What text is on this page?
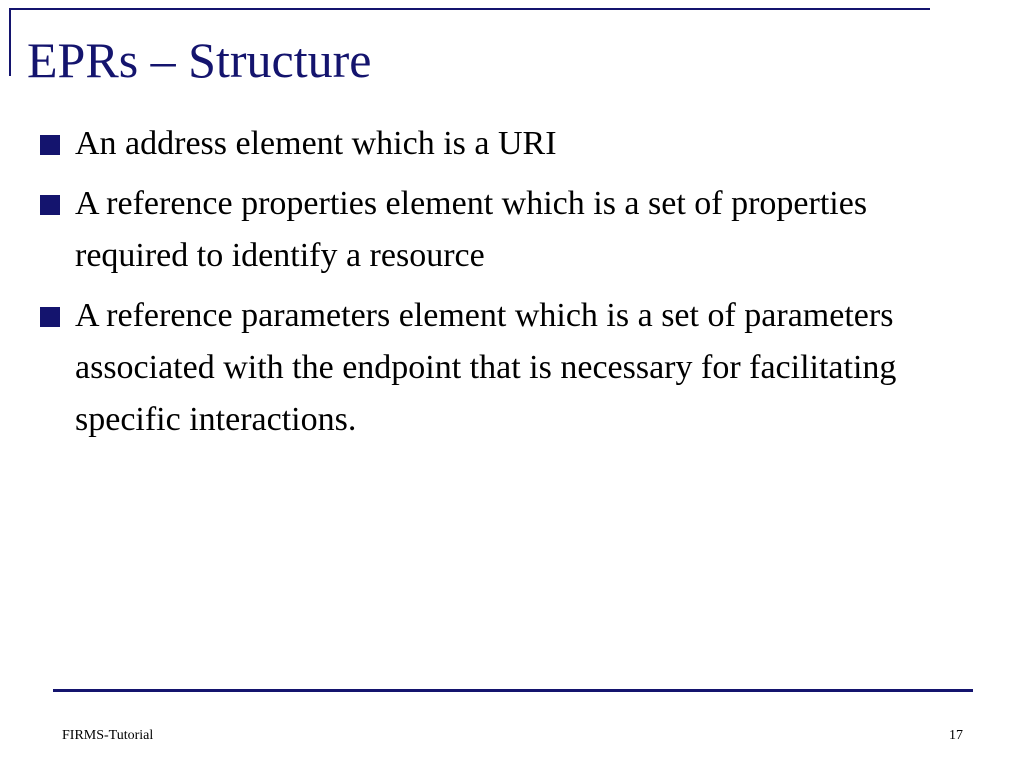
EPRs – Structure
An address element which is a URI
A reference properties element which is a set of properties required to identify a resource
A reference parameters element which is a set of parameters associated with the endpoint that is necessary for facilitating specific interactions.
FIRMS-Tutorial	17
